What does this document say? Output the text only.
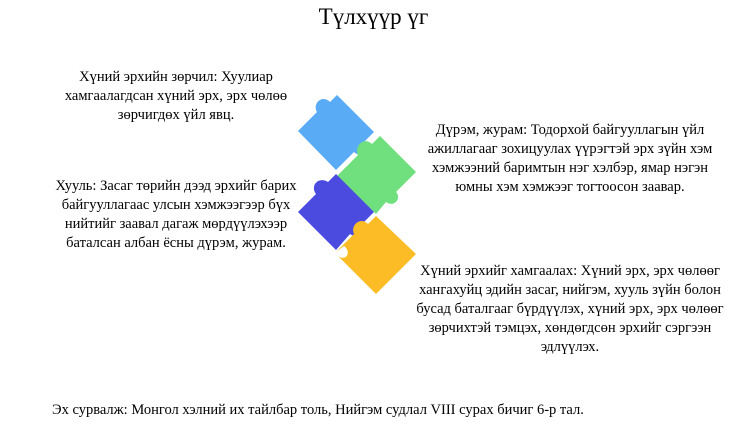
Түлхүүр үг
Хүний эрхийн зөрчил: Хуулиар хамгаалагдсан хүний эрх, эрх чөлөө зөрчигдөх үйл явц.
Хууль: Засаг төрийн дээд эрхийг барих байгууллагаас улсын хэмжээгээр бүх нийтийг заавал дагаж мөрдүүлэхээр баталсан албан ёсны дүрэм, журам.
Дүрэм, журам: Тодорхой байгууллагын үйл ажиллагааг зохицуулах үүрэгтэй эрх зүйн хэм хэмжээний баримтын нэг хэлбэр, ямар нэгэн юмны хэм хэмжээг тогтоосон заавар.
Хүний эрхийг хамгаалах: Хүний эрх, эрх чөлөөг хангахуйц эдийн засаг, нийгэм, хууль зүйн болон бусад баталгааг бүрдүүлэх, хүний эрх, эрх чөлөөг зөрчихтэй тэмцэх, хөндөгдсөн эрхийг сэргээн эдлүүлэх.
Эх сурвалж: Монгол хэлний их тайлбар толь, Нийгэм судлал VIII сурах бичиг 6-р тал.
